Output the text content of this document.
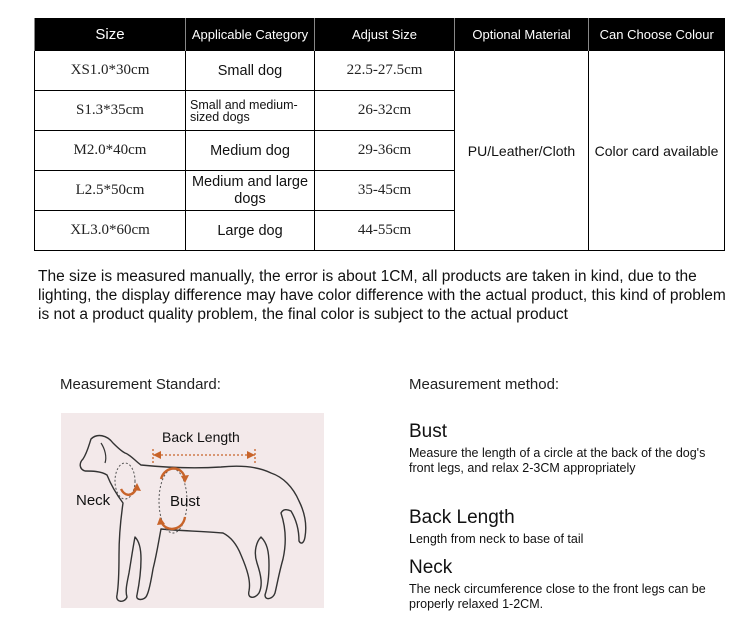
Size	Applicable Category	Adjust Size	Optional Material	Can Choose Colour
XS1.0*30cm	Small dog	22.5-27.5cm	PU/Leather/Cloth	Color card available
S1.3*35cm	Small and medium-sized dogs	26-32cm		
M2.0*40cm	Medium dog	29-36cm		
L2.5*50cm	Medium and large dogs	35-45cm		
XL3.0*60cm	Large dog	44-55cm		

The size is measured manually, the error is about 1CM, all products are taken in kind, due to the lighting, the display difference may have color difference with the actual product, this kind of problem is not a product quality problem, the final color is subject to the actual product

Measurement Standard:	Measurement method:
Back Length
Neck	Bust
Bust

Measure the length of a circle at the back of the dog's front legs, and relax 2-3CM appropriately

Back Length

Length from neck to base of tail

Neck

The neck circumference close to the front legs can be properly relaxed 1-2CM.
